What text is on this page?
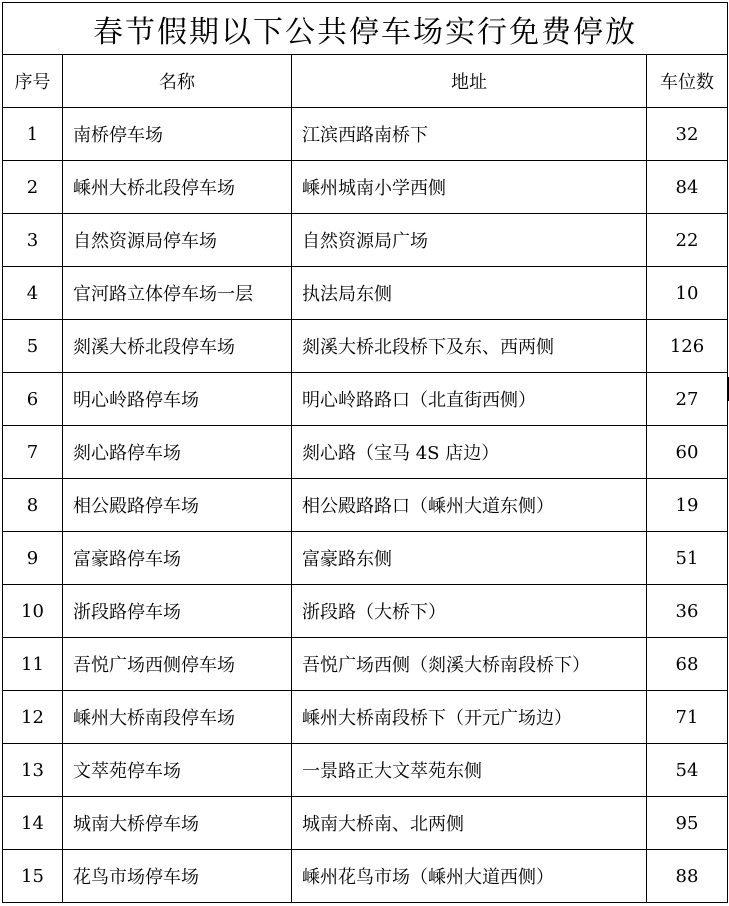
春节假期以下公共停车场实行免费停放			
序号	名称	地址	车位数
1	南桥停车场	江滨西路南桥下	32
2	嵊州大桥北段停车场	嵊州城南小学西侧	84
3	自然资源局停车场	自然资源局广场	22
4	官河路立体停车场一层	执法局东侧	10
5	剡溪大桥北段停车场	剡溪大桥北段桥下及东、西两侧	126
6	明心岭路停车场	明心岭路路口（北直街西侧）	27
7	剡心路停车场	剡心路（宝马 4S 店边）	60
8	相公殿路停车场	相公殿路路口（嵊州大道东侧）	19
9	富豪路停车场	富豪路东侧	51
10	浙段路停车场	浙段路（大桥下）	36
11	吾悦广场西侧停车场	吾悦广场西侧（剡溪大桥南段桥下）	68
12	嵊州大桥南段停车场	嵊州大桥南段桥下（开元广场边）	71
13	文萃苑停车场	一景路正大文萃苑东侧	54
14	城南大桥停车场	城南大桥南、北两侧	95
15	花鸟市场停车场	嵊州花鸟市场（嵊州大道西侧）	88
